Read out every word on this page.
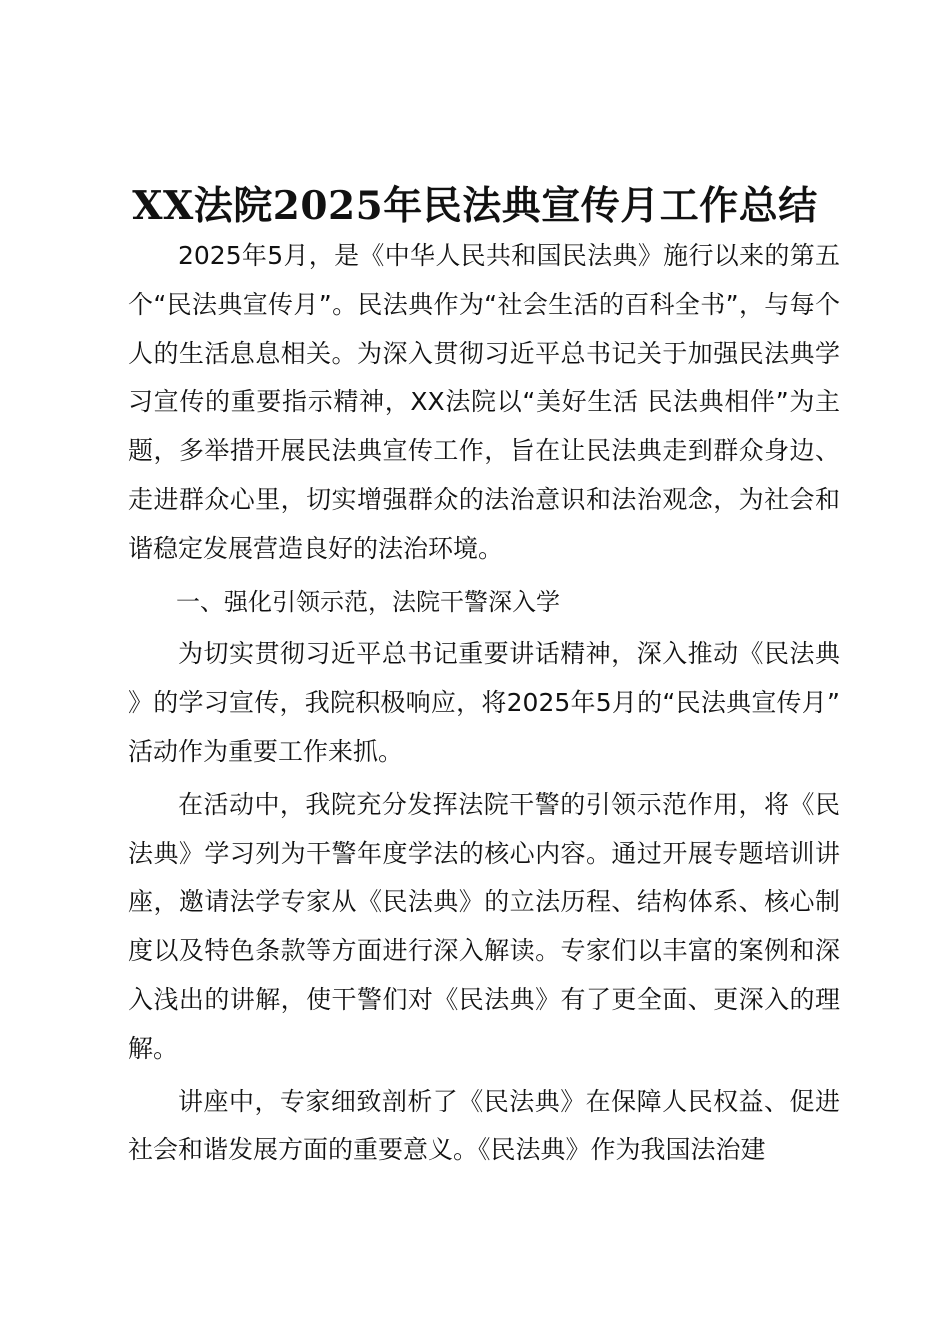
XX法院2025年民法典宣传月工作总结

2025年5月，是《中华人民共和国民法典》施行以来的第五个“民法典宣传月”。民法典作为“社会生活的百科全书”，与每个人的生活息息相关。为深入贯彻习近平总书记关于加强民法典学习宣传的重要指示精神，XX法院以“美好生活 民法典相伴”为主题，多举措开展民法典宣传工作，旨在让民法典走到群众身边、走进群众心里，切实增强群众的法治意识和法治观念，为社会和谐稳定发展营造良好的法治环境。

一、强化引领示范，法院干警深入学

为切实贯彻习近平总书记重要讲话精神，深入推动《民法典》的学习宣传，我院积极响应，将2025年5月的“民法典宣传月”活动作为重要工作来抓。

在活动中，我院充分发挥法院干警的引领示范作用，将《民法典》学习列为干警年度学法的核心内容。通过开展专题培训讲座，邀请法学专家从《民法典》的立法历程、结构体系、核心制度以及特色条款等方面进行深入解读。专家们以丰富的案例和深入浅出的讲解，使干警们对《民法典》有了更全面、更深入的理解。

讲座中，专家细致剖析了《民法典》在保障人民权益、促进社会和谐发展方面的重要意义。《民法典》作为我国法治建
